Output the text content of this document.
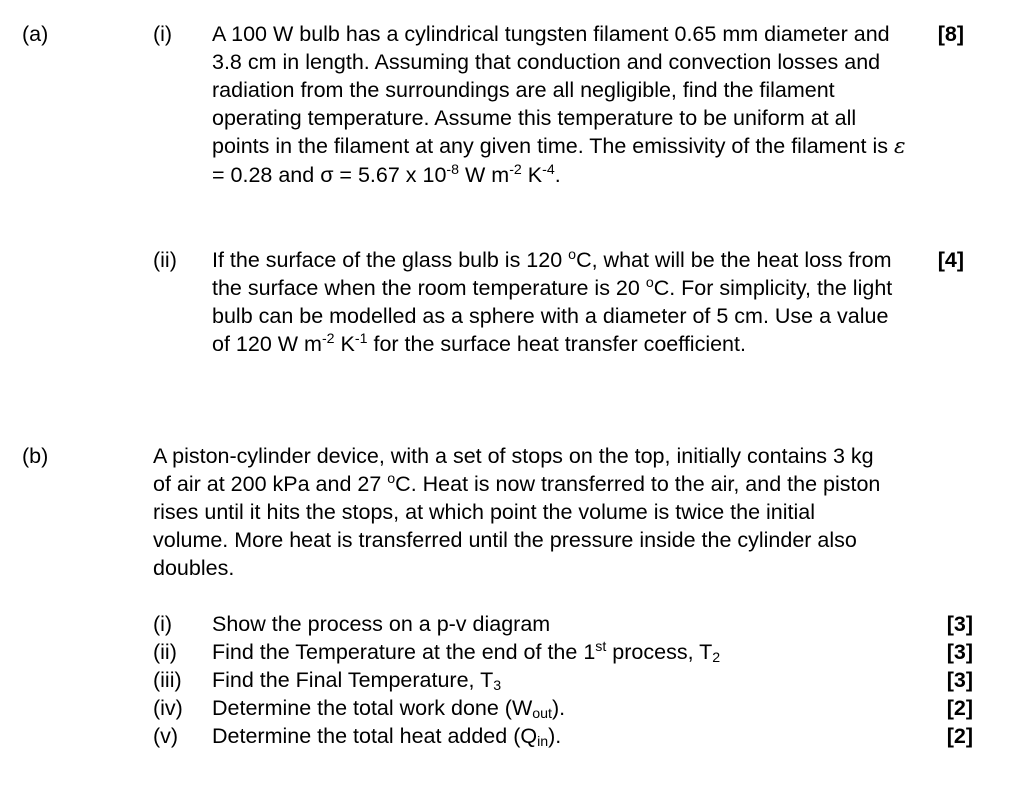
(a)	(i) A 100 W bulb has a cylindrical tungsten filament 0.65 mm diameter and 3.8 cm in length. Assuming that conduction and convection losses and radiation from the surroundings are all negligible, find the filament operating temperature. Assume this temperature to be uniform at all points in the filament at any given time. The emissivity of the filament is ε = 0.28 and σ = 5.67 x $10^{-8}$ W $m^{-2}$ $K^{-4}$.
[8]
(ii) If the surface of the glass bulb is 120 $^o$C, what will be the heat loss from the surface when the room temperature is 20 $^o$C. For simplicity, the light bulb can be modelled as a sphere with a diameter of 5 cm. Use a value of 120 W $m^{-2}$ $K^{-1}$ for the surface heat transfer coefficient.
[4]
(b)	A piston-cylinder device, with a set of stops on the top, initially contains 3 kg of air at 200 kPa and 27 $^o$C. Heat is now transferred to the air, and the piston rises until it hits the stops, at which point the volume is twice the initial volume. More heat is transferred until the pressure inside the cylinder also doubles.
(i) Show the process on a p-v diagram	[3]
(ii) Find the Temperature at the end of the 1st process, $T_2$	[3]
(iii) Find the Final Temperature, $T_3$	[3]
(iv) Determine the total work done $(W_{out})$.	[2]
(v) Determine the total heat added $(Q_{in})$.	[2]
